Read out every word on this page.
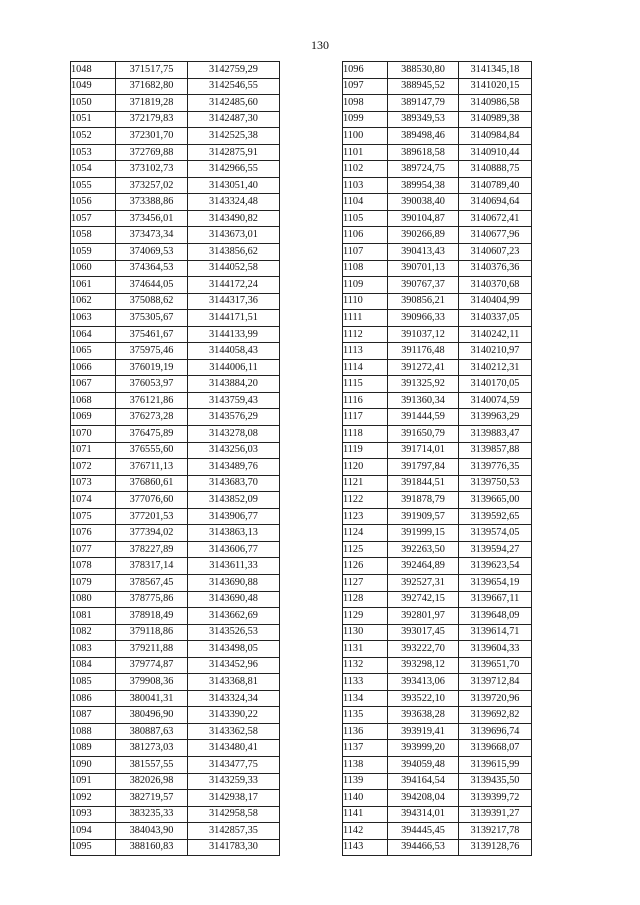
130
1048	371517,75	3142759,29
1049	371682,80	3142546,55
1050	371819,28	3142485,60
1051	372179,83	3142487,30
1052	372301,70	3142525,38
1053	372769,88	3142875,91
1054	373102,73	3142966,55
1055	373257,02	3143051,40
1056	373388,86	3143324,48
1057	373456,01	3143490,82
1058	373473,34	3143673,01
1059	374069,53	3143856,62
1060	374364,53	3144052,58
1061	374644,05	3144172,24
1062	375088,62	3144317,36
1063	375305,67	3144171,51
1064	375461,67	3144133,99
1065	375975,46	3144058,43
1066	376019,19	3144006,11
1067	376053,97	3143884,20
1068	376121,86	3143759,43
1069	376273,28	3143576,29
1070	376475,89	3143278,08
1071	376555,60	3143256,03
1072	376711,13	3143489,76
1073	376860,61	3143683,70
1074	377076,60	3143852,09
1075	377201,53	3143906,77
1076	377394,02	3143863,13
1077	378227,89	3143606,77
1078	378317,14	3143611,33
1079	378567,45	3143690,88
1080	378775,86	3143690,48
1081	378918,49	3143662,69
1082	379118,86	3143526,53
1083	379211,88	3143498,05
1084	379774,87	3143452,96
1085	379908,36	3143368,81
1086	380041,31	3143324,34
1087	380496,90	3143390,22
1088	380887,63	3143362,58
1089	381273,03	3143480,41
1090	381557,55	3143477,75
1091	382026,98	3143259,33
1092	382719,57	3142938,17
1093	383235,33	3142958,58
1094	384043,90	3142857,35
1095	388160,83	3141783,30
1096	388530,80	3141345,18
1097	388945,52	3141020,15
1098	389147,79	3140986,58
1099	389349,53	3140989,38
1100	389498,46	3140984,84
1101	389618,58	3140910,44
1102	389724,75	3140888,75
1103	389954,38	3140789,40
1104	390038,40	3140694,64
1105	390104,87	3140672,41
1106	390266,89	3140677,96
1107	390413,43	3140607,23
1108	390701,13	3140376,36
1109	390767,37	3140370,68
1110	390856,21	3140404,99
1111	390966,33	3140337,05
1112	391037,12	3140242,11
1113	391176,48	3140210,97
1114	391272,41	3140212,31
1115	391325,92	3140170,05
1116	391360,34	3140074,59
1117	391444,59	3139963,29
1118	391650,79	3139883,47
1119	391714,01	3139857,88
1120	391797,84	3139776,35
1121	391844,51	3139750,53
1122	391878,79	3139665,00
1123	391909,57	3139592,65
1124	391999,15	3139574,05
1125	392263,50	3139594,27
1126	392464,89	3139623,54
1127	392527,31	3139654,19
1128	392742,15	3139667,11
1129	392801,97	3139648,09
1130	393017,45	3139614,71
1131	393222,70	3139604,33
1132	393298,12	3139651,70
1133	393413,06	3139712,84
1134	393522,10	3139720,96
1135	393638,28	3139692,82
1136	393919,41	3139696,74
1137	393999,20	3139668,07
1138	394059,48	3139615,99
1139	394164,54	3139435,50
1140	394208,04	3139399,72
1141	394314,01	3139391,27
1142	394445,45	3139217,78
1143	394466,53	3139128,76
